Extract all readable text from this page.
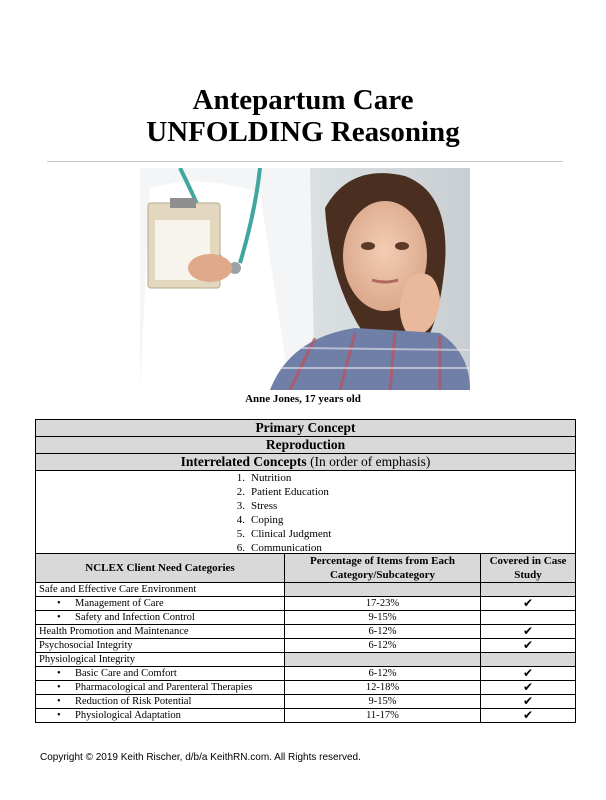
Antepartum Care
UNFOLDING Reasoning
Anne Jones, 17 years old
Primary Concept
Reproduction
Interrelated Concepts (In order of emphasis)

1. Nutrition
2. Patient Education
3. Stress
4. Coping
5. Clinical Judgment
6. Communication
NCLEX Client Need Categories	Percentage of Items from Each Category/Subcategory	Covered in Case Study
Safe and Effective Care Environment		
• Management of Care	17-23%	✔
• Safety and Infection Control	9-15%	
Health Promotion and Maintenance	6-12%	✔
Psychosocial Integrity	6-12%	✔
Physiological Integrity		
• Basic Care and Comfort	6-12%	✔
• Pharmacological and Parenteral Therapies	12-18%	✔
• Reduction of Risk Potential	9-15%	✔
• Physiological Adaptation	11-17%	✔
Copyright © 2019 Keith Rischer, d/b/a KeithRN.com. All Rights reserved.
